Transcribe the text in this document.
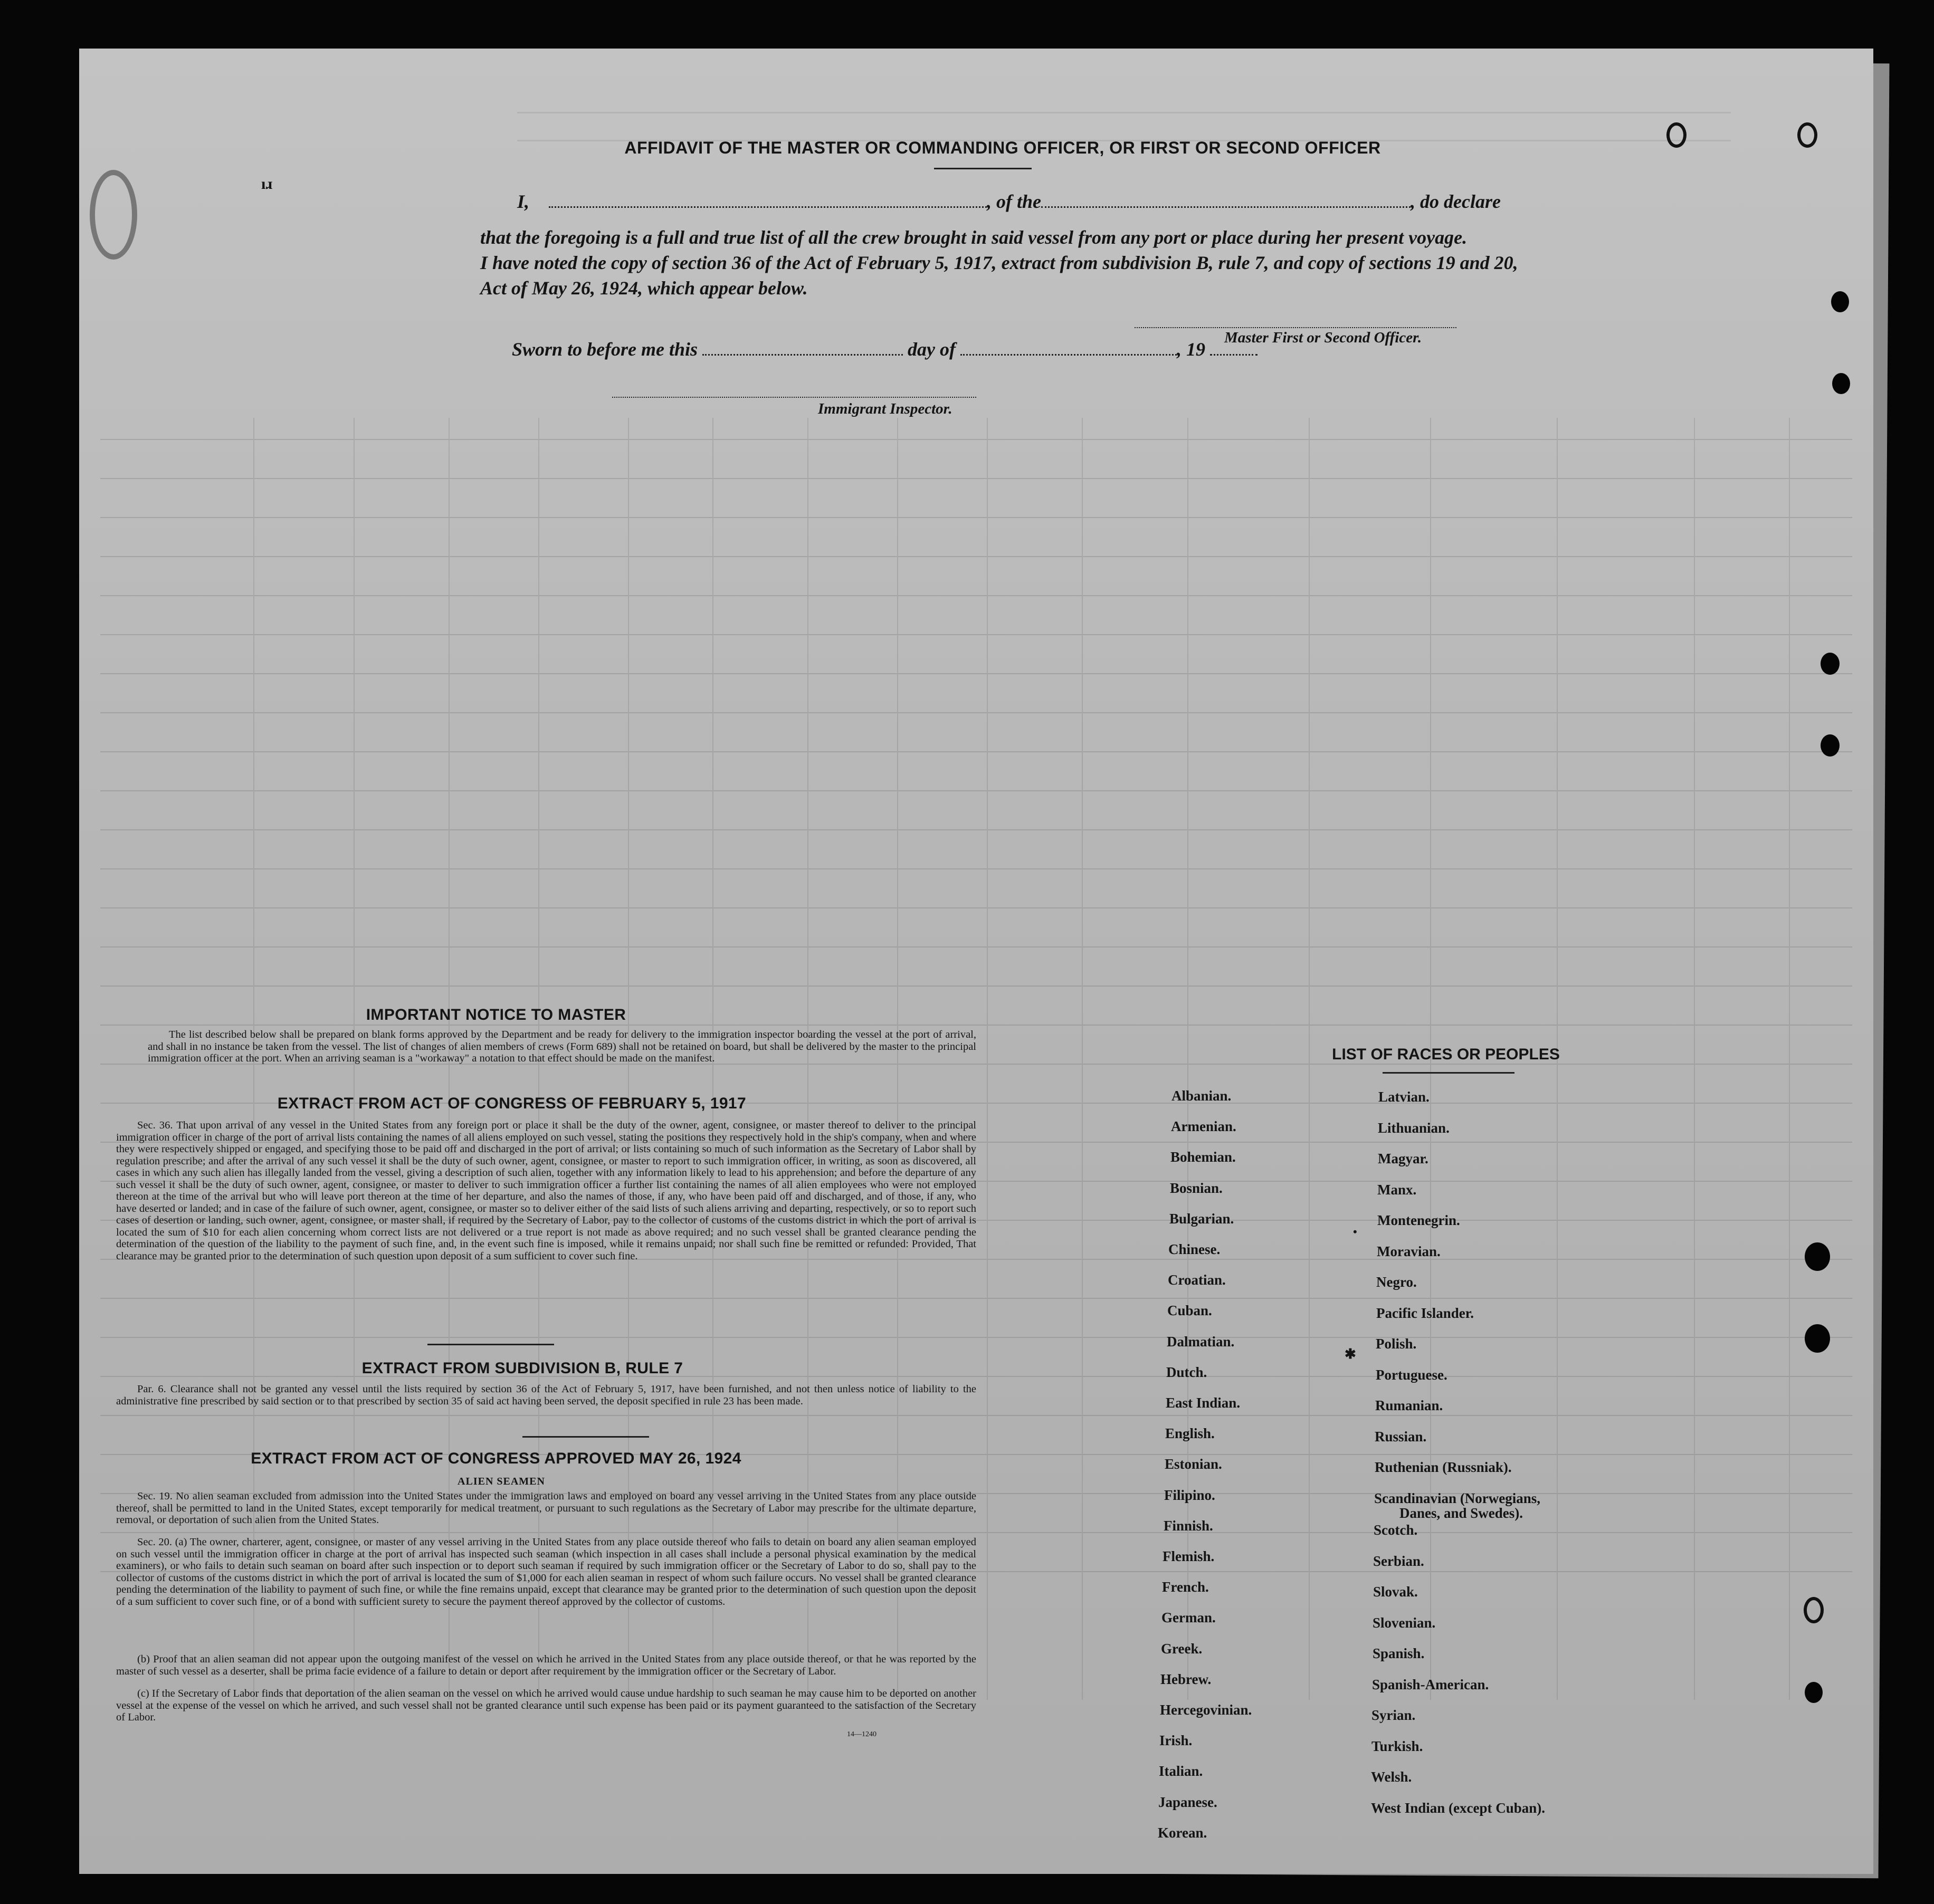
ıɹ
AFFIDAVIT OF THE MASTER OR COMMANDING OFFICER, OR FIRST OR SECOND OFFICER
I,	, of the	, do declare
that the foregoing is a full and true list of all the crew brought in said vessel from any port or place during her present voyage.
I have noted the copy of section 36 of the Act of February 5, 1917, extract from subdivision B, rule 7, and copy of sections 19 and 20,
Act of May 26, 1924, which appear below.
Master First or Second Officer.
Sworn to before me this	day of	, 19
Immigrant Inspector.
IMPORTANT NOTICE TO MASTER
The list described below shall be prepared on blank forms approved by the Department and be ready for delivery to the immigration inspector boarding the vessel at the port of arrival, and shall in no instance be taken from the vessel. The list of changes of alien members of crews (Form 689) shall not be retained on board, but shall be delivered by the master to the principal immigration officer at the port. When an arriving seaman is a "workaway" a notation to that effect should be made on the manifest.
EXTRACT FROM ACT OF CONGRESS OF FEBRUARY 5, 1917
Sec. 36. That upon arrival of any vessel in the United States from any foreign port or place it shall be the duty of the owner, agent, consignee, or master thereof to deliver to the principal immigration officer in charge of the port of arrival lists containing the names of all aliens employed on such vessel, stating the positions they respectively hold in the ship's company, when and where they were respectively shipped or engaged, and specifying those to be paid off and discharged in the port of arrival; or lists containing so much of such information as the Secretary of Labor shall by regulation prescribe; and after the arrival of any such vessel it shall be the duty of such owner, agent, consignee, or master to report to such immigration officer, in writing, as soon as discovered, all cases in which any such alien has illegally landed from the vessel, giving a description of such alien, together with any information likely to lead to his apprehension; and before the departure of any such vessel it shall be the duty of such owner, agent, consignee, or master to deliver to such immigration officer a further list containing the names of all alien employees who were not employed thereon at the time of the arrival but who will leave port thereon at the time of her departure, and also the names of those, if any, who have been paid off and discharged, and of those, if any, who have deserted or landed; and in case of the failure of such owner, agent, consignee, or master so to deliver either of the said lists of such aliens arriving and departing, respectively, or so to report such cases of desertion or landing, such owner, agent, consignee, or master shall, if required by the Secretary of Labor, pay to the collector of customs of the customs district in which the port of arrival is located the sum of $10 for each alien concerning whom correct lists are not delivered or a true report is not made as above required; and no such vessel shall be granted clearance pending the determination of the question of the liability to the payment of such fine, and, in the event such fine is imposed, while it remains unpaid; nor shall such fine be remitted or refunded: Provided, That clearance may be granted prior to the determination of such question upon deposit of a sum sufficient to cover such fine.
EXTRACT FROM SUBDIVISION B, RULE 7
Par. 6. Clearance shall not be granted any vessel until the lists required by section 36 of the Act of February 5, 1917, have been furnished, and not then unless notice of liability to the administrative fine prescribed by said section or to that prescribed by section 35 of said act having been served, the deposit specified in rule 23 has been made.
EXTRACT FROM ACT OF CONGRESS APPROVED MAY 26, 1924
ALIEN SEAMEN
Sec. 19. No alien seaman excluded from admission into the United States under the immigration laws and employed on board any vessel arriving in the United States from any place outside thereof, shall be permitted to land in the United States, except temporarily for medical treatment, or pursuant to such regulations as the Secretary of Labor may prescribe for the ultimate departure, removal, or deportation of such alien from the United States.
Sec. 20. (a) The owner, charterer, agent, consignee, or master of any vessel arriving in the United States from any place outside thereof who fails to detain on board any alien seaman employed on such vessel until the immigration officer in charge at the port of arrival has inspected such seaman (which inspection in all cases shall include a personal physical examination by the medical examiners), or who fails to detain such seaman on board after such inspection or to deport such seaman if required by such immigration officer or the Secretary of Labor to do so, shall pay to the collector of customs of the customs district in which the port of arrival is located the sum of $1,000 for each alien seaman in respect of whom such failure occurs. No vessel shall be granted clearance pending the determination of the liability to payment of such fine, or while the fine remains unpaid, except that clearance may be granted prior to the determination of such question upon the deposit of a sum sufficient to cover such fine, or of a bond with sufficient surety to secure the payment thereof approved by the collector of customs.
(b) Proof that an alien seaman did not appear upon the outgoing manifest of the vessel on which he arrived in the United States from any place outside thereof, or that he was reported by the master of such vessel as a deserter, shall be prima facie evidence of a failure to detain or deport after requirement by the immigration officer or the Secretary of Labor.
(c) If the Secretary of Labor finds that deportation of the alien seaman on the vessel on which he arrived would cause undue hardship to such seaman he may cause him to be deported on another vessel at the expense of the vessel on which he arrived, and such vessel shall not be granted clearance until such expense has been paid or its payment guaranteed to the satisfaction of the Secretary of Labor.
14—1240
LIST OF RACES OR PEOPLES
Albanian.
Armenian.
Bohemian.
Bosnian.
Bulgarian.
Chinese.
Croatian.
Cuban.
Dalmatian.
Dutch.
East Indian.
English.
Estonian.
Filipino.
Finnish.
Flemish.
French.
German.
Greek.
Hebrew.
Hercegovinian.
Irish.
Italian.
Japanese.
Korean.
Latvian.
Lithuanian.
Magyar.
Manx.
Montenegrin.
Moravian.
Negro.
Pacific Islander.
Polish.
Portuguese.
Rumanian.
Russian.
Ruthenian (Russniak).
Scandinavian (Norwegians,
Danes, and Swedes).
Scotch.
Serbian.
Slovak.
Slovenian.
Spanish.
Spanish-American.
Syrian.
Turkish.
Welsh.
West Indian (except Cuban).
•
✱
